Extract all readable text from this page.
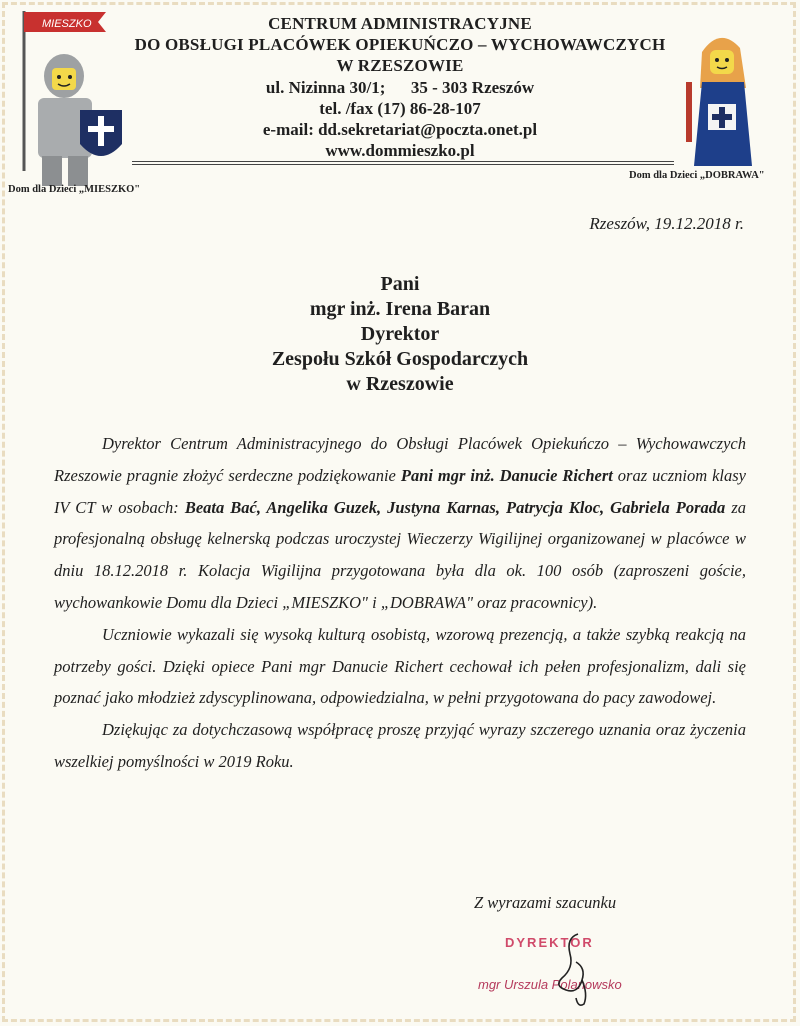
MIESZKO	CENTRUM ADMINISTRACYJNE
DO OBSŁUGI PLACÓWEK OPIEKUŃCZO – WYCHOWAWCZYCH
W RZESZOWIE
ul. Nizinna 30/1;      35 - 303 Rzeszów
tel. /fax (17) 86-28-107
e-mail: dd.sekretariat@poczta.onet.pl
www.dommieszko.pl
Dom dla Dzieci „MIESZKO"
Dom dla Dzieci „DOBRAWA"
Rzeszów, 19.12.2018 r.
Pani
mgr inż. Irena Baran
Dyrektor
Zespołu Szkół Gospodarczych
w Rzeszowie

Dyrektor Centrum Administracyjnego do Obsługi Placówek Opiekuńczo – Wychowawczych Rzeszowie pragnie złożyć serdeczne podziękowanie Pani mgr inż. Danucie Richert oraz uczniom klasy IV CT w osobach: Beata Bać, Angelika Guzek, Justyna Karnas, Patrycja Kloc, Gabriela Porada za profesjonalną obsługę kelnerską podczas uroczystej Wieczerzy Wigilijnej organizowanej w placówce w dniu 18.12.2018 r. Kolacja Wigilijna przygotowana była dla ok. 100 osób (zaproszeni goście, wychowankowie Domu dla Dzieci „MIESZKO" i „DOBRAWA" oraz pracownicy).

Uczniowie wykazali się wysoką kulturą osobistą, wzorową prezencją, a także szybką reakcją na potrzeby gości. Dzięki opiece Pani mgr Danucie Richert cechował ich pełen profesjonalizm, dali się poznać jako młodzież zdyscyplinowana, odpowiedzialna, w pełni przygotowana do pacy zawodowej.

Dziękując za dotychczasową współpracę proszę przyjąć wyrazy szczerego uznania oraz życzenia wszelkiej pomyślności w 2019 Roku.

Z wyrazami szacunku
DYREKTOR
mgr Urszula Polanowsko
